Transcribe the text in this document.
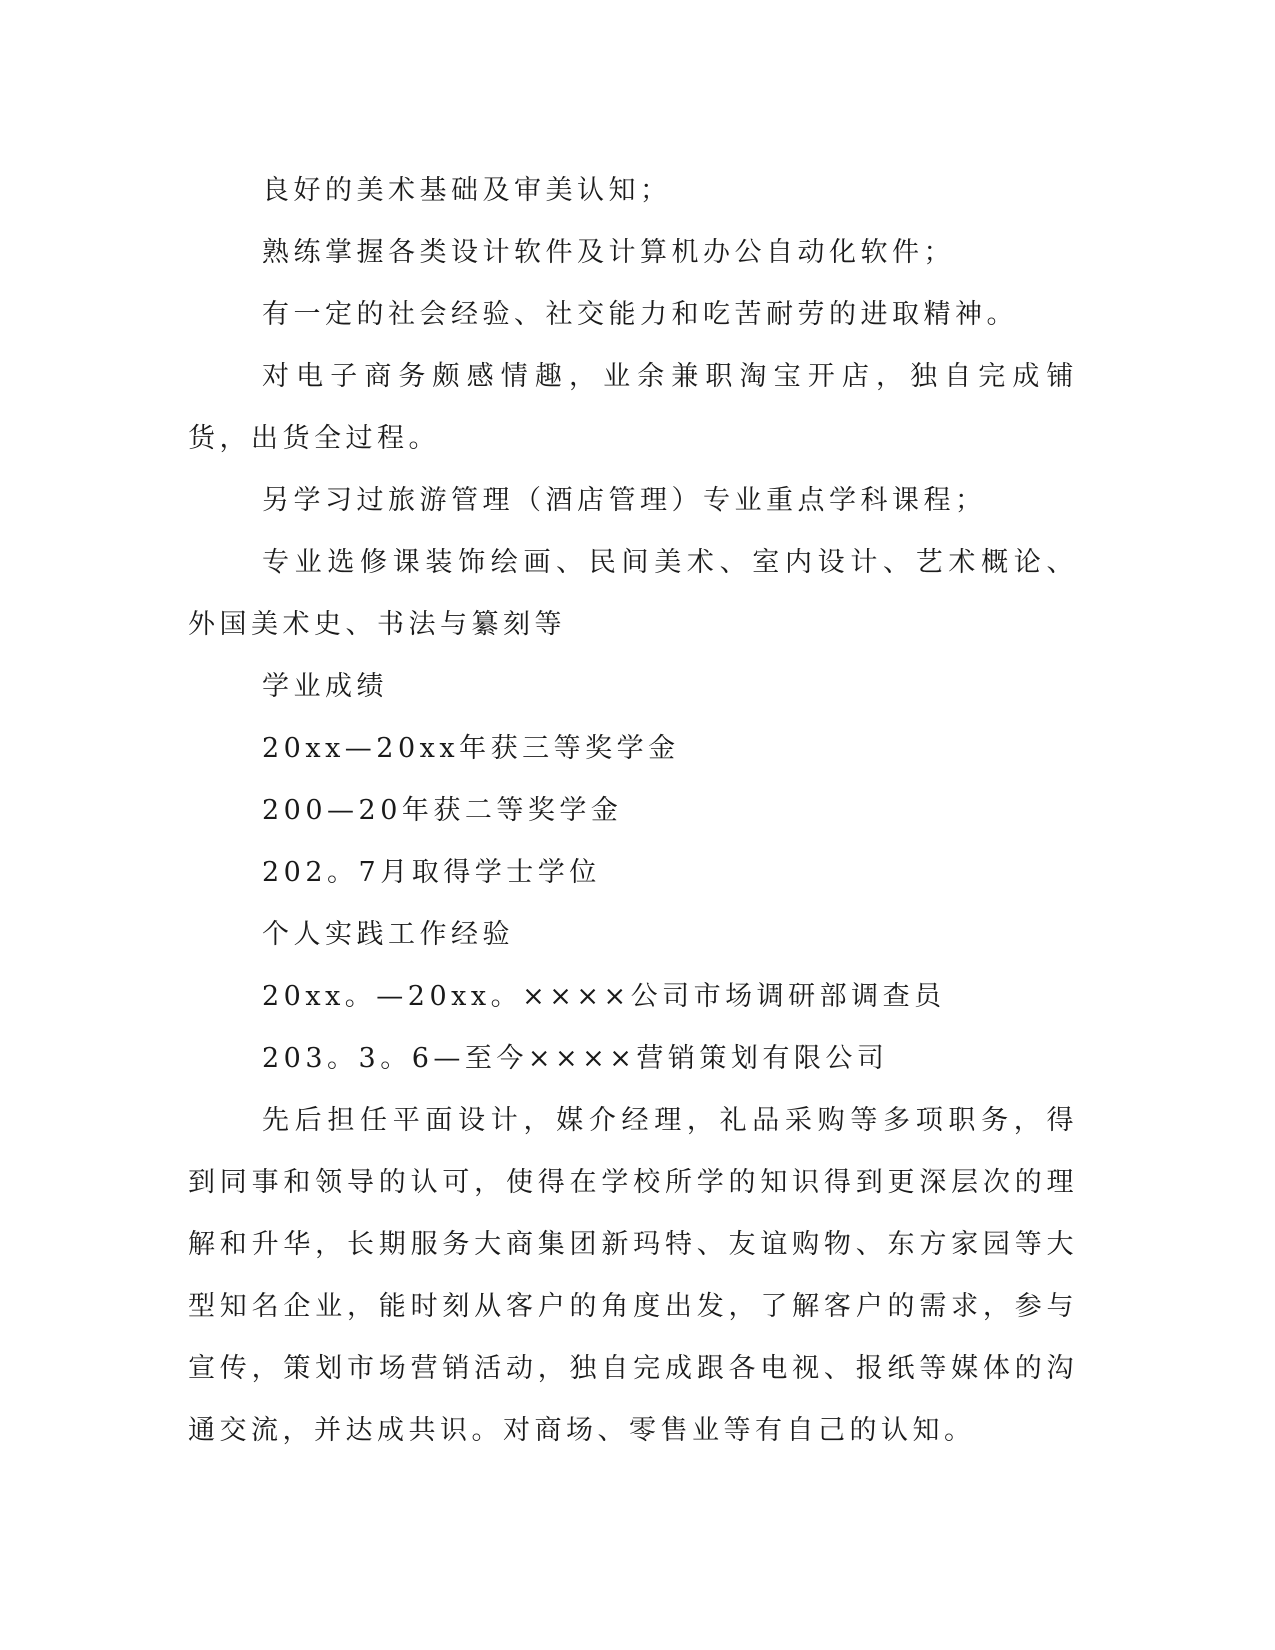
良好的美术基础及审美认知；

熟练掌握各类设计软件及计算机办公自动化软件；

有一定的社会经验、社交能力和吃苦耐劳的进取精神。

对电子商务颇感情趣，业余兼职淘宝开店，独自完成铺货，出货全过程。

另学习过旅游管理（酒店管理）专业重点学科课程；

专业选修课装饰绘画、民间美术、室内设计、艺术概论、外国美术史、书法与纂刻等

学业成绩

20xx—20xx年获三等奖学金

200—20年获二等奖学金

202。7月取得学士学位

个人实践工作经验

20xx。—20xx。××××公司市场调研部调查员

203。3。6—至今××××营销策划有限公司

先后担任平面设计，媒介经理，礼品采购等多项职务，得到同事和领导的认可，使得在学校所学的知识得到更深层次的理解和升华，长期服务大商集团新玛特、友谊购物、东方家园等大型知名企业，能时刻从客户的角度出发，了解客户的需求，参与宣传，策划市场营销活动，独自完成跟各电视、报纸等媒体的沟通交流，并达成共识。对商场、零售业等有自己的认知。
